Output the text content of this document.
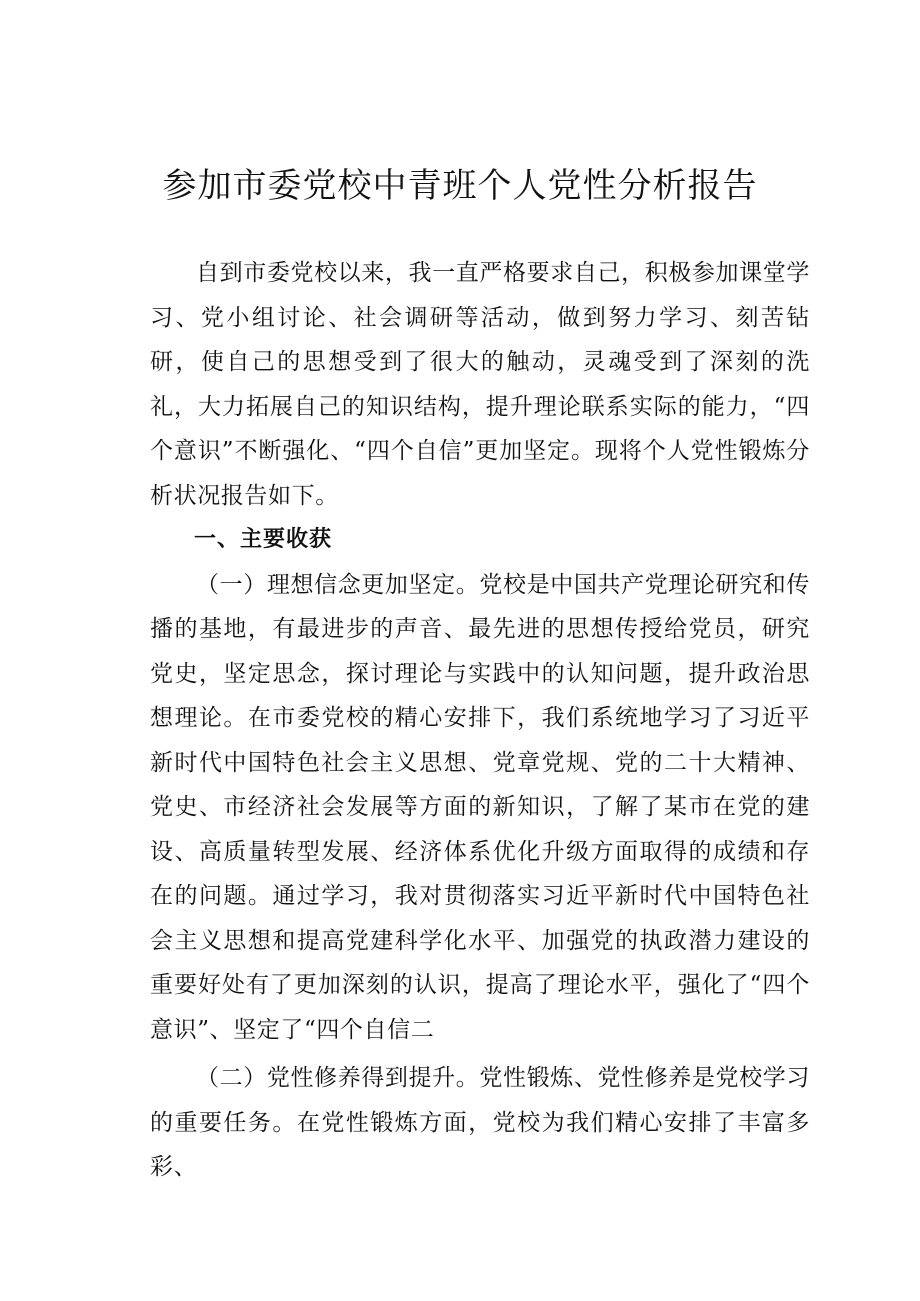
参加市委党校中青班个人党性分析报告

自到市委党校以来，我一直严格要求自己，积极参加课堂学习、党小组讨论、社会调研等活动，做到努力学习、刻苦钻研，使自己的思想受到了很大的触动，灵魂受到了深刻的洗礼，大力拓展自己的知识结构，提升理论联系实际的能力，“四个意识”不断强化、“四个自信”更加坚定。现将个人党性锻炼分析状况报告如下。

一、主要收获

（一）理想信念更加坚定。党校是中国共产党理论研究和传播的基地，有最进步的声音、最先进的思想传授给党员，研究党史，坚定思念，探讨理论与实践中的认知问题，提升政治思想理论。在市委党校的精心安排下，我们系统地学习了习近平新时代中国特色社会主义思想、党章党规、党的二十大精神、党史、市经济社会发展等方面的新知识，了解了某市在党的建设、高质量转型发展、经济体系优化升级方面取得的成绩和存在的问题。通过学习，我对贯彻落实习近平新时代中国特色社会主义思想和提高党建科学化水平、加强党的执政潜力建设的重要好处有了更加深刻的认识，提高了理论水平，强化了“四个意识”、坚定了“四个自信二

（二）党性修养得到提升。党性锻炼、党性修养是党校学习的重要任务。在党性锻炼方面，党校为我们精心安排了丰富多彩、
